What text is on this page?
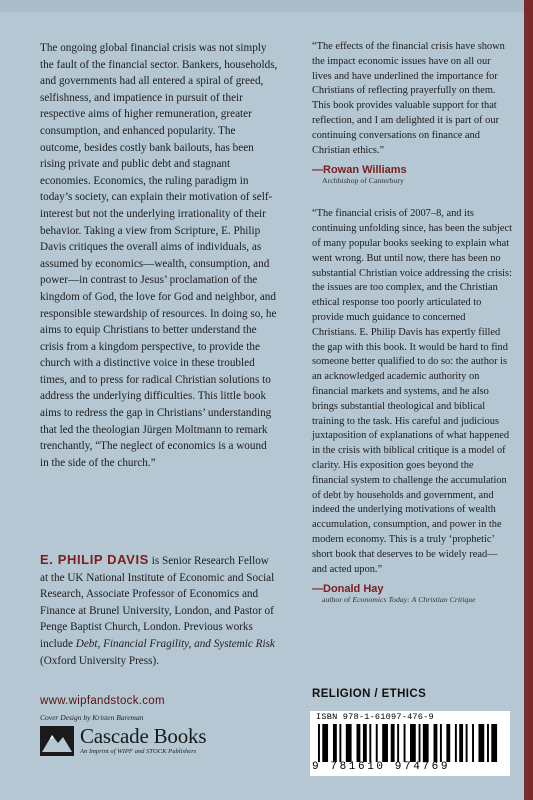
The ongoing global financial crisis was not simply the fault of the financial sector. Bankers, households, and governments had all entered a spiral of greed, selfishness, and impatience in pursuit of their respective aims of higher remuneration, greater consumption, and enhanced popularity. The outcome, besides costly bank bailouts, has been rising private and public debt and stagnant economies. Economics, the ruling paradigm in today’s society, can explain their motivation of self-interest but not the underlying irrationality of their behavior. Taking a view from Scripture, E. Philip Davis critiques the overall aims of individuals, as assumed by economics—wealth, consumption, and power—in contrast to Jesus’ proclamation of the kingdom of God, the love for God and neighbor, and responsible stewardship of resources. In doing so, he aims to equip Christians to better understand the crisis from a kingdom perspective, to provide the church with a distinctive voice in these troubled times, and to press for radical Christian solutions to address the underlying difficulties. This little book aims to redress the gap in Christians’ understanding that led the theologian Jürgen Moltmann to remark trenchantly, “The neglect of economics is a wound in the side of the church.”

E. PHILIP DAVIS is Senior Research Fellow at the UK National Institute of Economic and Social Research, Associate Professor of Economics and Finance at Brunel University, London, and Pastor of Penge Baptist Church, London. Previous works include Debt, Financial Fragility, and Systemic Risk (Oxford University Press).

www.wipfandstock.com
Cover Design by Kristen Bareman
Cascade Books
An Imprint of WIPF and STOCK Publishers

“The effects of the financial crisis have shown the impact economic issues have on all our lives and have underlined the importance for Christians of reflecting prayerfully on them. This book provides valuable support for that reflection, and I am delighted it is part of our continuing conversations on finance and Christian ethics.”

—Rowan Williams

Archbishop of Canterbury

“The financial crisis of 2007–8, and its continuing unfolding since, has been the subject of many popular books seeking to explain what went wrong. But until now, there has been no substantial Christian voice addressing the crisis: the issues are too complex, and the Christian ethical response too poorly articulated to provide much guidance to concerned Christians. E. Philip Davis has expertly filled the gap with this book. It would be hard to find someone better qualified to do so: the author is an acknowledged academic authority on financial markets and systems, and he also brings substantial theological and biblical training to the task. His careful and judicious juxtaposition of explanations of what happened in the crisis with biblical critique is a model of clarity. His exposition goes beyond the financial system to challenge the accumulation of debt by households and government, and indeed the underlying motivations of wealth accumulation, consumption, and power in the modern economy. This is a truly ‘prophetic’ short book that deserves to be widely read—and acted upon.”

—Donald Hay

author of Economics Today: A Christian Critique

RELIGION / ETHICS
ISBN 978-1-61097-476-9
9 781610 974769
